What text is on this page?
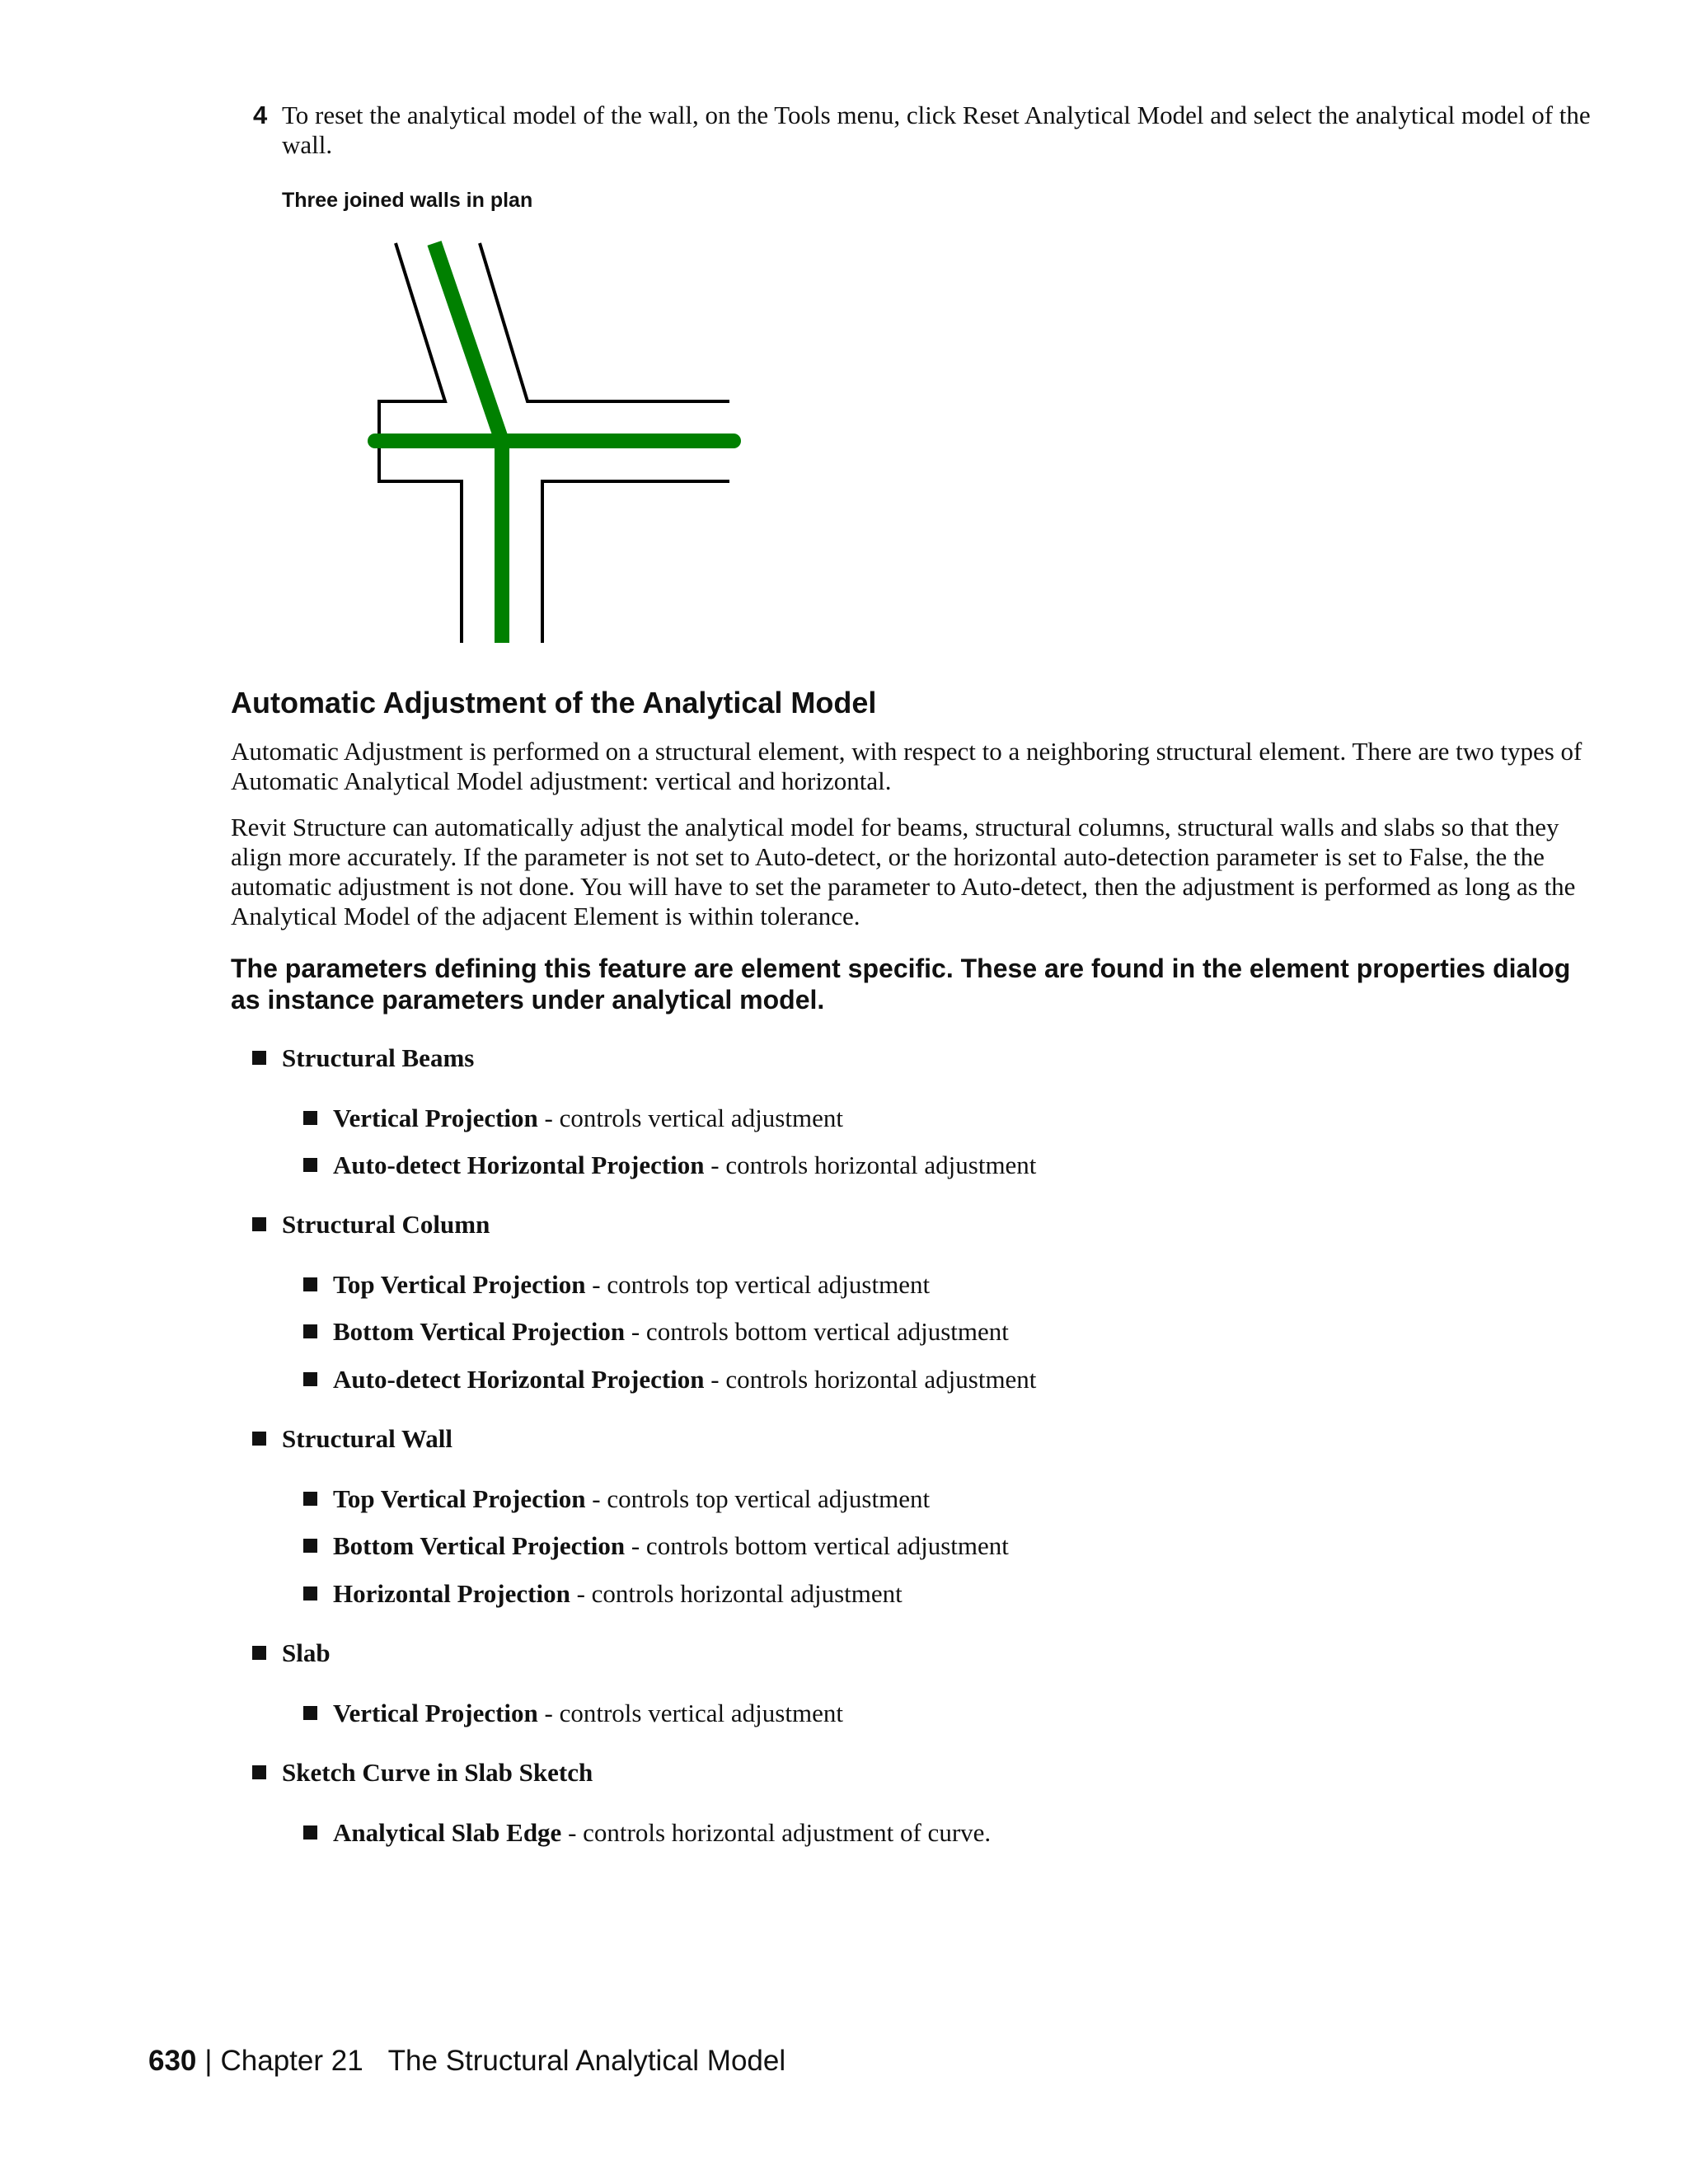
4 To reset the analytical model of the wall, on the Tools menu, click Reset Analytical Model and select the analytical model of the wall.
Three joined walls in plan
Automatic Adjustment of the Analytical Model
Automatic Adjustment is performed on a structural element, with respect to a neighboring structural element. There are two types of Automatic Analytical Model adjustment: vertical and horizontal.
Revit Structure can automatically adjust the analytical model for beams, structural columns, structural walls and slabs so that they align more accurately. If the parameter is not set to Auto-detect, or the horizontal auto-detection parameter is set to False, the the automatic adjustment is not done. You will have to set the parameter to Auto-detect, then the adjustment is performed as long as the Analytical Model of the adjacent Element is within tolerance.
The parameters defining this feature are element specific. These are found in the element properties dialog as instance parameters under analytical model.
Structural Beams
Vertical Projection - controls vertical adjustment
Auto-detect Horizontal Projection - controls horizontal adjustment
Structural Column
Top Vertical Projection - controls top vertical adjustment
Bottom Vertical Projection - controls bottom vertical adjustment
Auto-detect Horizontal Projection - controls horizontal adjustment
Structural Wall
Top Vertical Projection - controls top vertical adjustment
Bottom Vertical Projection - controls bottom vertical adjustment
Horizontal Projection - controls horizontal adjustment
Slab
Vertical Projection - controls vertical adjustment
Sketch Curve in Slab Sketch
Analytical Slab Edge - controls horizontal adjustment of curve.
630 | Chapter 21 The Structural Analytical Model
